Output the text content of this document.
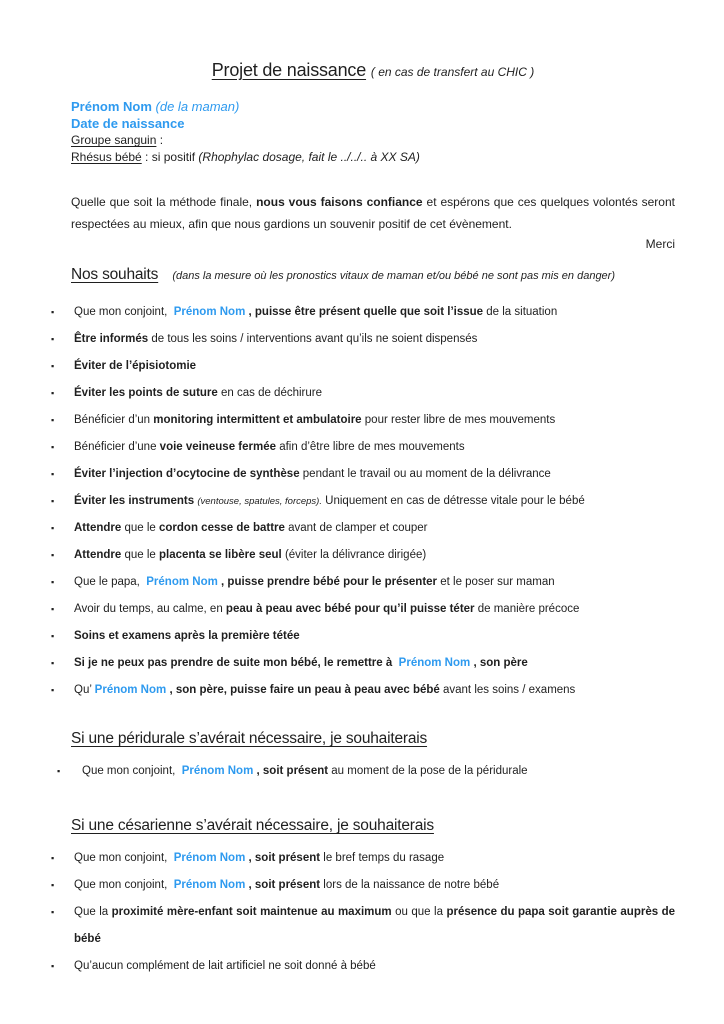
Projet de naissance ( en cas de transfert au CHIC )
Prénom Nom (de la maman)
Date de naissance
Groupe sanguin :
Rhésus bébé : si positif (Rhophylac dosage, fait le ../../.. à XX SA)

Quelle que soit la méthode finale, nous vous faisons confiance et espérons que ces quelques volontés seront respectées au mieux, afin que nous gardions un souvenir positif de cet évènement.

Merci
Nos souhaits (dans la mesure où les pronostics vitaux de maman et/ou bébé ne sont pas mis en danger)
▪ Que mon conjoint,  Prénom Nom , puisse être présent quelle que soit l’issue de la situation
▪ Être informés de tous les soins / interventions avant qu’ils ne soient dispensés
▪ Éviter de l’épisiotomie
▪ Éviter les points de suture en cas de déchirure
▪ Bénéficier d’un monitoring intermittent et ambulatoire pour rester libre de mes mouvements
▪ Bénéficier d’une voie veineuse fermée afin d’être libre de mes mouvements
▪ Éviter l’injection d’ocytocine de synthèse pendant le travail ou au moment de la délivrance
▪ Éviter les instruments (ventouse, spatules, forceps). Uniquement en cas de détresse vitale pour le bébé
▪ Attendre que le cordon cesse de battre avant de clamper et couper
▪ Attendre que le placenta se libère seul (éviter la délivrance dirigée)
▪ Que le papa,  Prénom Nom , puisse prendre bébé pour le présenter et le poser sur maman
▪ Avoir du temps, au calme, en peau à peau avec bébé pour qu’il puisse téter de manière précoce
▪ Soins et examens après la première tétée
▪ Si je ne peux pas prendre de suite mon bébé, le remettre à  Prénom Nom , son père
▪ Qu’ Prénom Nom , son père, puisse faire un peau à peau avec bébé avant les soins / examens
Si une péridurale s’avérait nécessaire, je souhaiterais
▪ Que mon conjoint,  Prénom Nom , soit présent au moment de la pose de la péridurale
Si une césarienne s’avérait nécessaire, je souhaiterais
▪ Que mon conjoint,  Prénom Nom , soit présent le bref temps du rasage
▪ Que mon conjoint,  Prénom Nom , soit présent lors de la naissance de notre bébé
▪ Que la proximité mère-enfant soit maintenue au maximum ou que la présence du papa soit garantie auprès de bébé
▪ Qu’aucun complément de lait artificiel ne soit donné à bébé
